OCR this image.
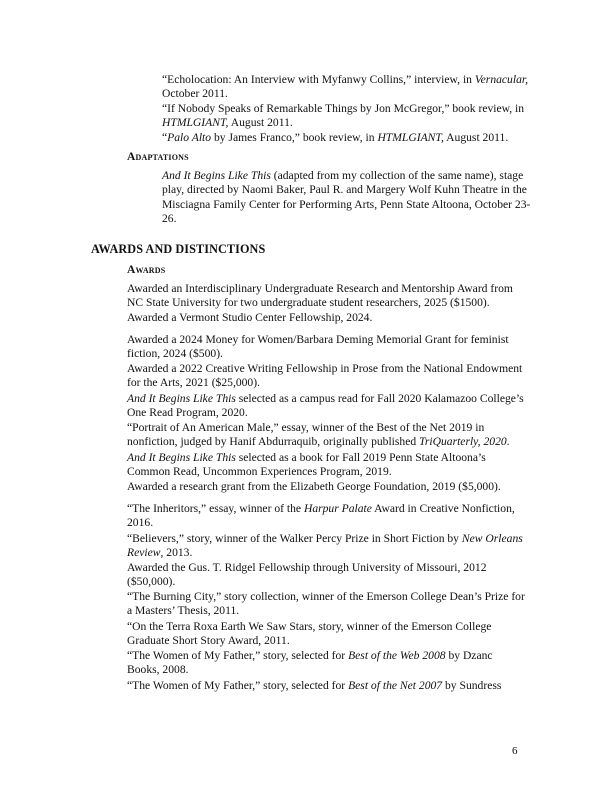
“Echolocation: An Interview with Myfanwy Collins,” interview, in Vernacular, October 2011.

“If Nobody Speaks of Remarkable Things by Jon McGregor,” book review, in HTMLGIANT, August 2011.

“Palo Alto by James Franco,” book review, in HTMLGIANT, August 2011.

Adaptations

And It Begins Like This (adapted from my collection of the same name), stage play, directed by Naomi Baker, Paul R. and Margery Wolf Kuhn Theatre in the Misciagna Family Center for Performing Arts, Penn State Altoona, October 23-26.

AWARDS AND DISTINCTIONS

Awards

Awarded an Interdisciplinary Undergraduate Research and Mentorship Award from NC State University for two undergraduate student researchers, 2025 ($1500).

Awarded a Vermont Studio Center Fellowship, 2024.

Awarded a 2024 Money for Women/Barbara Deming Memorial Grant for feminist fiction, 2024 ($500).

Awarded a 2022 Creative Writing Fellowship in Prose from the National Endowment for the Arts, 2021 ($25,000).

And It Begins Like This selected as a campus read for Fall 2020 Kalamazoo College’s One Read Program, 2020.

“Portrait of An American Male,” essay, winner of the Best of the Net 2019 in nonfiction, judged by Hanif Abdurraquib, originally published TriQuarterly, 2020.

And It Begins Like This selected as a book for Fall 2019 Penn State Altoona’s Common Read, Uncommon Experiences Program, 2019.

Awarded a research grant from the Elizabeth George Foundation, 2019 ($5,000).

“The Inheritors,” essay, winner of the Harpur Palate Award in Creative Nonfiction, 2016.

“Believers,” story, winner of the Walker Percy Prize in Short Fiction by New Orleans Review, 2013.

Awarded the Gus. T. Ridgel Fellowship through University of Missouri, 2012 ($50,000).

“The Burning City,” story collection, winner of the Emerson College Dean’s Prize for a Masters’ Thesis, 2011.

“On the Terra Roxa Earth We Saw Stars, story, winner of the Emerson College Graduate Short Story Award, 2011.

“The Women of My Father,” story, selected for Best of the Web 2008 by Dzanc Books, 2008.

“The Women of My Father,” story, selected for Best of the Net 2007 by Sundress

6
